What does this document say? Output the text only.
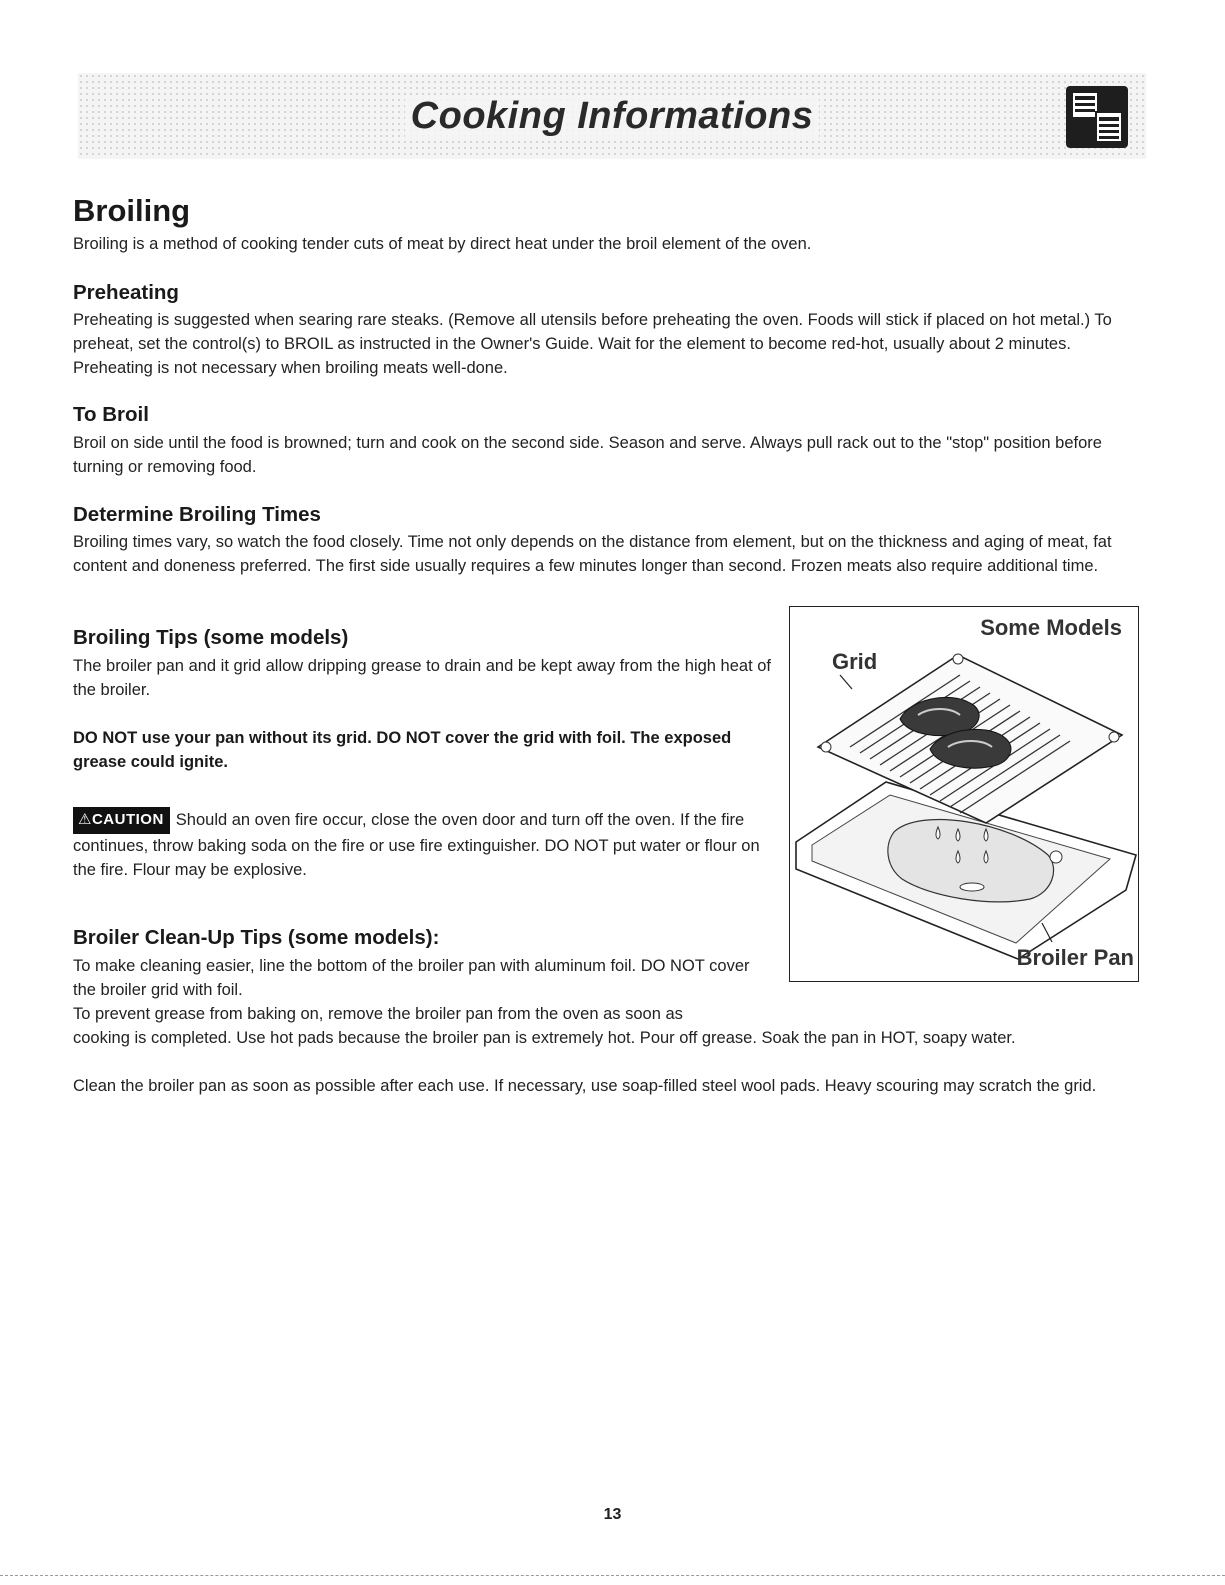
Cooking Informations
Broiling

Broiling is a method of cooking tender cuts of meat by direct heat under the broil element of the oven.

Preheating

Preheating is suggested when searing rare steaks. (Remove all utensils before preheating the oven. Foods will stick if placed on hot metal.) To preheat, set the control(s) to BROIL as instructed in the Owner's Guide. Wait for the element to become red-hot, usually about 2 minutes. Preheating is not necessary when broiling meats well-done.

To Broil

Broil on side until the food is browned; turn and cook on the second side. Season and serve. Always pull rack out to the "stop" position before turning or removing food.

Determine Broiling Times

Broiling times vary, so watch the food closely. Time not only depends on the distance from element, but on the thickness and aging of meat, fat content and doneness preferred. The first side usually requires a few minutes longer than second. Frozen meats also require additional time.

Broiling Tips (some models)

The broiler pan and it grid allow dripping grease to drain and be kept away from the high heat of the broiler.

DO NOT use your pan without its grid. DO NOT cover the grid with foil. The exposed grease could ignite.

⚠CAUTION Should an oven fire occur, close the oven door and turn off the oven. If the fire continues, throw baking soda on the fire or use fire extinguisher. DO NOT put water or flour on the fire. Flour may be explosive.

Broiler Clean-Up Tips (some models):

To make cleaning easier, line the bottom of the broiler pan with aluminum foil. DO NOT cover the broiler grid with foil.

To prevent grease from baking on, remove the broiler pan from the oven as soon as

cooking is completed. Use hot pads because the broiler pan is extremely hot. Pour off grease. Soak the pan in HOT, soapy water.

Clean the broiler pan as soon as possible after each use. If necessary, use soap-filled steel wool pads. Heavy scouring may scratch the grid.

Some Models
Grid
Broiler Pan
13
